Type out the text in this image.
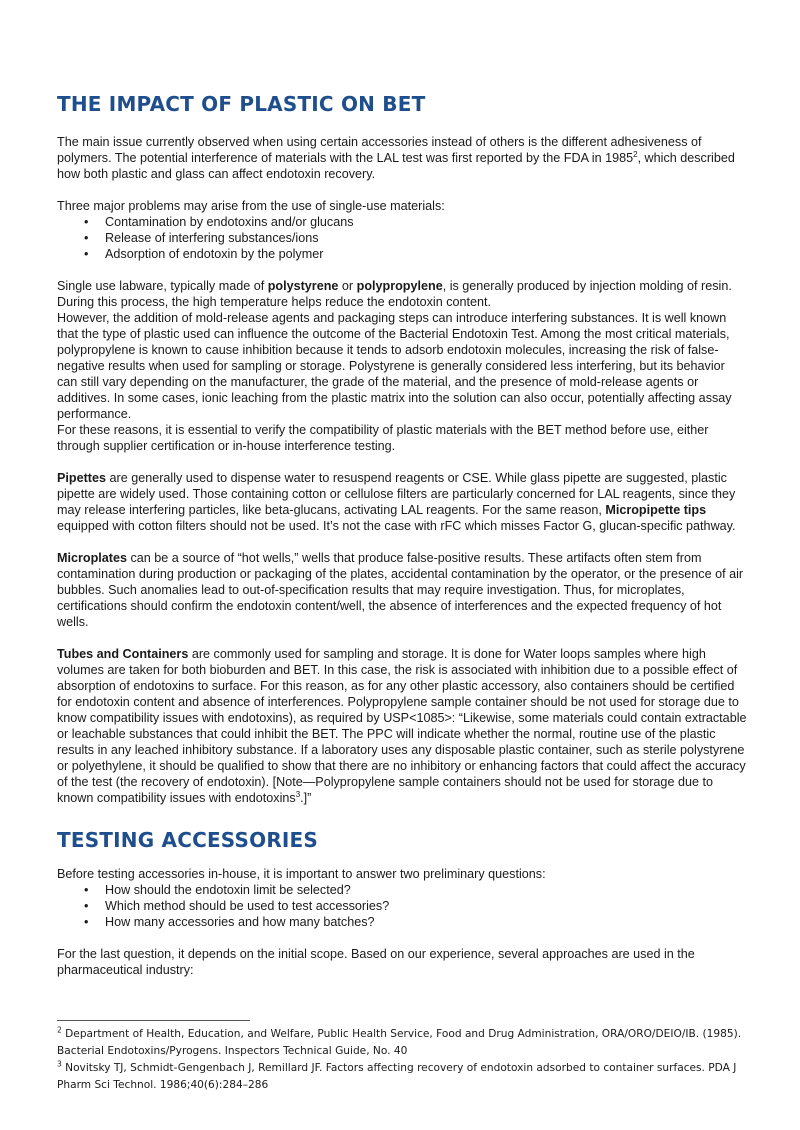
THE IMPACT OF PLASTIC ON BET

The main issue currently observed when using certain accessories instead of others is the different adhesiveness of polymers. The potential interference of materials with the LAL test was first reported by the FDA in 1985$^2$, which described how both plastic and glass can affect endotoxin recovery.

Three major problems may arise from the use of single-use materials:

• Contamination by endotoxins and/or glucans
• Release of interfering substances/ions
• Adsorption of endotoxin by the polymer

Single use labware, typically made of polystyrene or polypropylene, is generally produced by injection molding of resin. During this process, the high temperature helps reduce the endotoxin content.

However, the addition of mold-release agents and packaging steps can introduce interfering substances. It is well known that the type of plastic used can influence the outcome of the Bacterial Endotoxin Test. Among the most critical materials, polypropylene is known to cause inhibition because it tends to adsorb endotoxin molecules, increasing the risk of false-negative results when used for sampling or storage. Polystyrene is generally considered less interfering, but its behavior can still vary depending on the manufacturer, the grade of the material, and the presence of mold-release agents or additives. In some cases, ionic leaching from the plastic matrix into the solution can also occur, potentially affecting assay performance.

For these reasons, it is essential to verify the compatibility of plastic materials with the BET method before use, either through supplier certification or in-house interference testing.

Pipettes are generally used to dispense water to resuspend reagents or CSE. While glass pipette are suggested, plastic pipette are widely used. Those containing cotton or cellulose filters are particularly concerned for LAL reagents, since they may release interfering particles, like beta-glucans, activating LAL reagents. For the same reason, Micropipette tips equipped with cotton filters should not be used. It’s not the case with rFC which misses Factor G, glucan-specific pathway.

Microplates can be a source of “hot wells,” wells that produce false-positive results. These artifacts often stem from contamination during production or packaging of the plates, accidental contamination by the operator, or the presence of air bubbles. Such anomalies lead to out-of-specification results that may require investigation. Thus, for microplates, certifications should confirm the endotoxin content/well, the absence of interferences and the expected frequency of hot wells.

Tubes and Containers are commonly used for sampling and storage. It is done for Water loops samples where high volumes are taken for both bioburden and BET. In this case, the risk is associated with inhibition due to a possible effect of absorption of endotoxins to surface. For this reason, as for any other plastic accessory, also containers should be certified for endotoxin content and absence of interferences. Polypropylene sample container should be not used for storage due to know compatibility issues with endotoxins), as required by USP<1085>: “Likewise, some materials could contain extractable or leachable substances that could inhibit the BET. The PPC will indicate whether the normal, routine use of the plastic results in any leached inhibitory substance. If a laboratory uses any disposable plastic container, such as sterile polystyrene or polyethylene, it should be qualified to show that there are no inhibitory or enhancing factors that could affect the accuracy of the test (the recovery of endotoxin). [Note—Polypropylene sample containers should not be used for storage due to known compatibility issues with endotoxins$^3$.]”

TESTING ACCESSORIES

Before testing accessories in-house, it is important to answer two preliminary questions:

• How should the endotoxin limit be selected?
• Which method should be used to test accessories?
• How many accessories and how many batches?

For the last question, it depends on the initial scope. Based on our experience, several approaches are used in the pharmaceutical industry:

$^2$ Department of Health, Education, and Welfare, Public Health Service, Food and Drug Administration, ORA/ORO/DEIO/IB. (1985). Bacterial Endotoxins/Pyrogens. Inspectors Technical Guide, No. 40
$^3$ Novitsky TJ, Schmidt-Gengenbach J, Remillard JF. Factors affecting recovery of endotoxin adsorbed to container surfaces. PDA J Pharm Sci Technol. 1986;40(6):284–286
